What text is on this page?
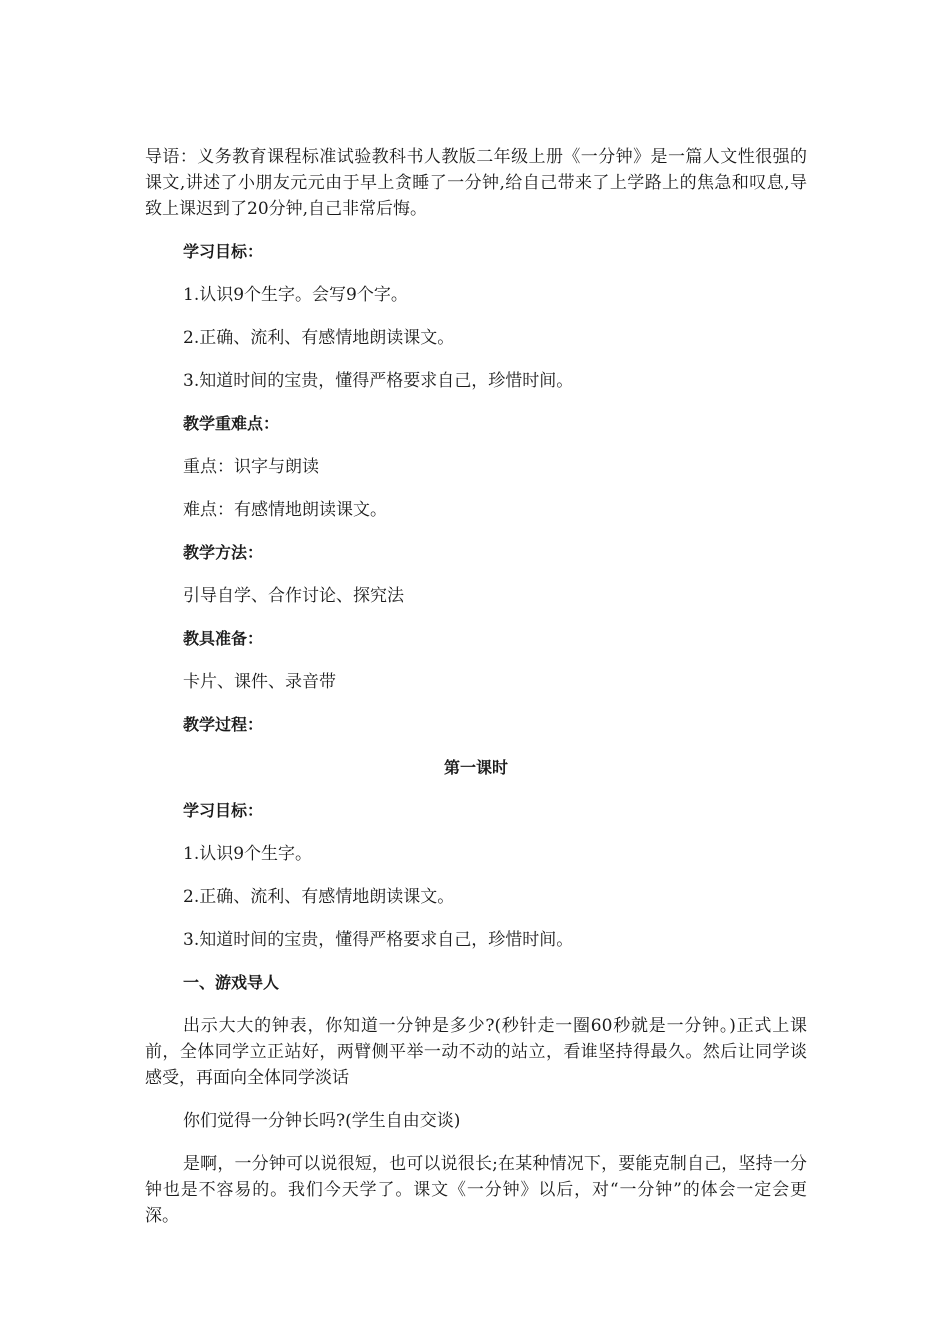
导语：义务教育课程标准试验教科书人教版二年级上册《一分钟》是一篇人文性很强的课文,讲述了小朋友元元由于早上贪睡了一分钟,给自己带来了上学路上的焦急和叹息,导致上课迟到了20分钟,自己非常后悔。

学习目标：

1.认识9个生字。会写9个字。

2.正确、流利、有感情地朗读课文。

3.知道时间的宝贵，懂得严格要求自己，珍惜时间。

教学重难点：

重点：识字与朗读

难点：有感情地朗读课文。

教学方法：

引导自学、合作讨论、探究法

教具准备：

卡片、课件、录音带

教学过程：

第一课时

学习目标：

1.认识9个生字。

2.正确、流利、有感情地朗读课文。

3.知道时间的宝贵，懂得严格要求自己，珍惜时间。

一、游戏导人

出示大大的钟表，你知道一分钟是多少?(秒针走一圈60秒就是一分钟。)正式上课前，全体同学立正站好，两臂侧平举一动不动的站立，看谁坚持得最久。然后让同学谈感受，再面向全体同学淡话

你们觉得一分钟长吗?(学生自由交谈)

是啊，一分钟可以说很短，也可以说很长;在某种情况下，要能克制自己，坚持一分钟也是不容易的。我们今天学了。课文《一分钟》以后，对“一分钟”的体会一定会更深。
